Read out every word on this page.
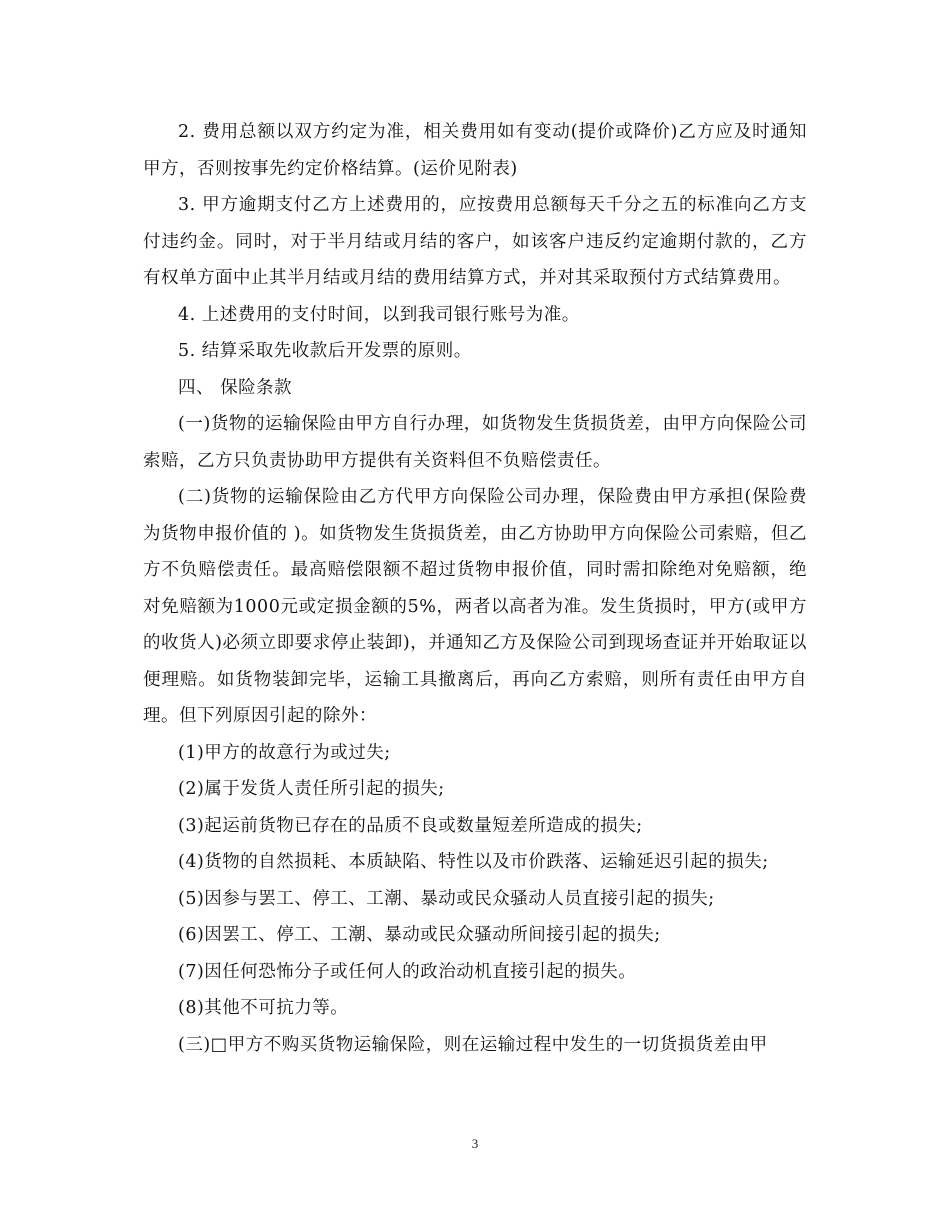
2. 费用总额以双方约定为准，相关费用如有变动(提价或降价)乙方应及时通知甲方，否则按事先约定价格结算。(运价见附表)

3. 甲方逾期支付乙方上述费用的，应按费用总额每天千分之五的标准向乙方支付违约金。同时，对于半月结或月结的客户，如该客户违反约定逾期付款的，乙方有权单方面中止其半月结或月结的费用结算方式，并对其采取预付方式结算费用。

4. 上述费用的支付时间，以到我司银行账号为准。

5. 结算采取先收款后开发票的原则。

四、 保险条款

(一)货物的运输保险由甲方自行办理，如货物发生货损货差，由甲方向保险公司索赔，乙方只负责协助甲方提供有关资料但不负赔偿责任。

(二)货物的运输保险由乙方代甲方向保险公司办理，保险费由甲方承担(保险费为货物申报价值的 )。如货物发生货损货差，由乙方协助甲方向保险公司索赔，但乙方不负赔偿责任。最高赔偿限额不超过货物申报价值，同时需扣除绝对免赔额，绝对免赔额为1000元或定损金额的5%，两者以高者为准。发生货损时，甲方(或甲方的收货人)必须立即要求停止装卸)，并通知乙方及保险公司到现场查证并开始取证以便理赔。如货物装卸完毕，运输工具撤离后，再向乙方索赔，则所有责任由甲方自理。但下列原因引起的除外：

(1)甲方的故意行为或过失;

(2)属于发货人责任所引起的损失;

(3)起运前货物已存在的品质不良或数量短差所造成的损失;

(4)货物的自然损耗、本质缺陷、特性以及市价跌落、运输延迟引起的损失;

(5)因参与罢工、停工、工潮、暴动或民众骚动人员直接引起的损失;

(6)因罢工、停工、工潮、暴动或民众骚动所间接引起的损失;

(7)因任何恐怖分子或任何人的政治动机直接引起的损失。

(8)其他不可抗力等。

(三)□甲方不购买货物运输保险，则在运输过程中发生的一切货损货差由甲

3
